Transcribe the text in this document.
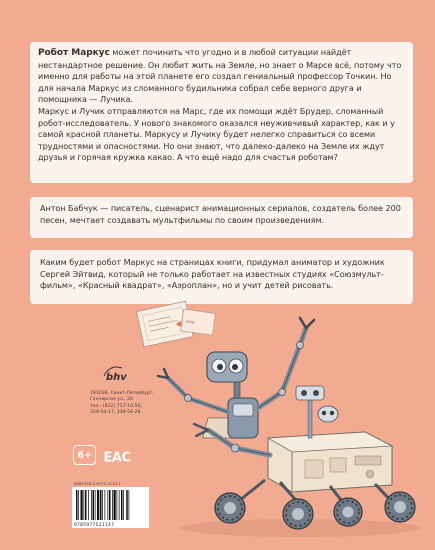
Робот Маркус может починить что угодно и в любой ситуации найдёт нестандартное решение. Он любит жить на Земле, но знает о Марсе всё, потому что именно для работы на этой планете его создал гениальный профессор Точкин. Но для начала Маркус из сломанного будильника собрал себе верного друга и помощника — Лучика.

Маркус и Лучик отправляются на Марс, где их помощи ждёт Брудер, сломанный робот-исследователь. У нового знакомого оказался неуживчивый характер, как и у самой красной планеты. Маркусу и Лучику будет нелегко справиться со всеми трудностями и опасностями. Но они знают, что далеко-далеко на Земле их ждут друзья и горячая кружка какао. А что ещё надо для счастья роботам?

Антон Бабчук — писатель, сценарист анимационных сериалов, создатель более 200 песен, мечтает создавать мультфильмы по своим произведениям.

Каким будет робот Маркус на страницах книги, придумал аниматор и художник Сергей Эйтвид, который не только работает на известных студиях «Союзмульт-фильм», «Красный квадрат», «Аэроплан», но и учит детей рисовать.

love
bhv
191036, Санкт-Петербург,
Гончарная ул., 20
тел.: (812) 717-10-50,
339-54-17, 339-54-28
6+ EAC
ISBN 978-5-9775-2114-7
9785977521147
